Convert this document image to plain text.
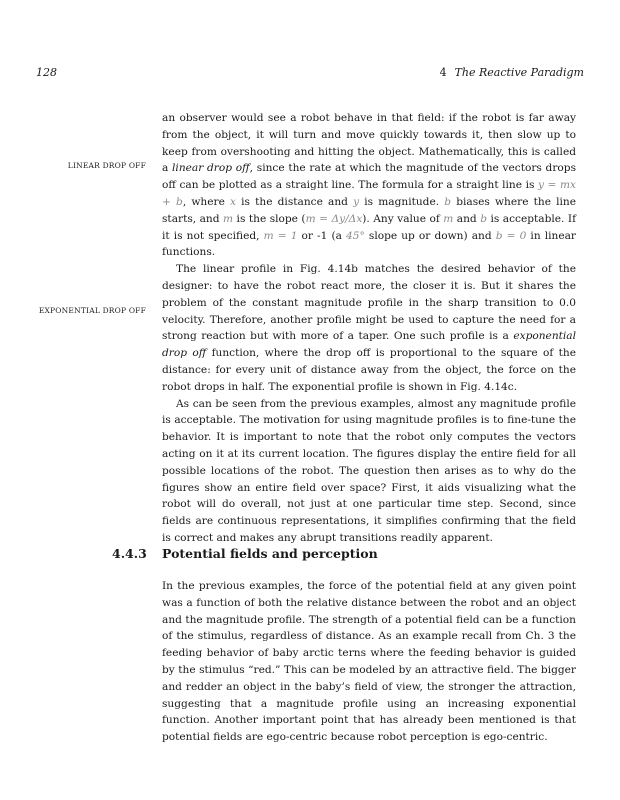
128	4 The Reactive Paradigm
LINEAR DROP OFF
EXPONENTIAL DROP OFF

an observer would see a robot behave in that field: if the robot is far away from the object, it will turn and move quickly towards it, then slow up to keep from overshooting and hitting the object. Mathematically, this is called a linear drop off, since the rate at which the magnitude of the vectors drops off can be plotted as a straight line. The formula for a straight line is y = mx + b, where x is the distance and y is magnitude. b biases where the line starts, and m is the slope (m = Δy/Δx). Any value of m and b is acceptable. If it is not specified, m = 1 or -1 (a 45° slope up or down) and b = 0 in linear functions.

The linear profile in Fig. 4.14b matches the desired behavior of the designer: to have the robot react more, the closer it is. But it shares the problem of the constant magnitude profile in the sharp transition to 0.0 velocity. Therefore, another profile might be used to capture the need for a strong reaction but with more of a taper. One such profile is a exponential drop off function, where the drop off is proportional to the square of the distance: for every unit of distance away from the object, the force on the robot drops in half. The exponential profile is shown in Fig. 4.14c.

As can be seen from the previous examples, almost any magnitude profile is acceptable. The motivation for using magnitude profiles is to fine-tune the behavior. It is important to note that the robot only computes the vectors acting on it at its current location. The figures display the entire field for all possible locations of the robot. The question then arises as to why do the figures show an entire field over space? First, it aids visualizing what the robot will do overall, not just at one particular time step. Second, since fields are continuous representations, it simplifies confirming that the field is correct and makes any abrupt transitions readily apparent.

4.4.3 Potential fields and perception

In the previous examples, the force of the potential field at any given point was a function of both the relative distance between the robot and an object and the magnitude profile. The strength of a potential field can be a function of the stimulus, regardless of distance. As an example recall from Ch. 3 the feeding behavior of baby arctic terns where the feeding behavior is guided by the stimulus “red.” This can be modeled by an attractive field. The bigger and redder an object in the baby’s field of view, the stronger the attraction, suggesting that a magnitude profile using an increasing exponential function. Another important point that has already been mentioned is that potential fields are ego-centric because robot perception is ego-centric.
